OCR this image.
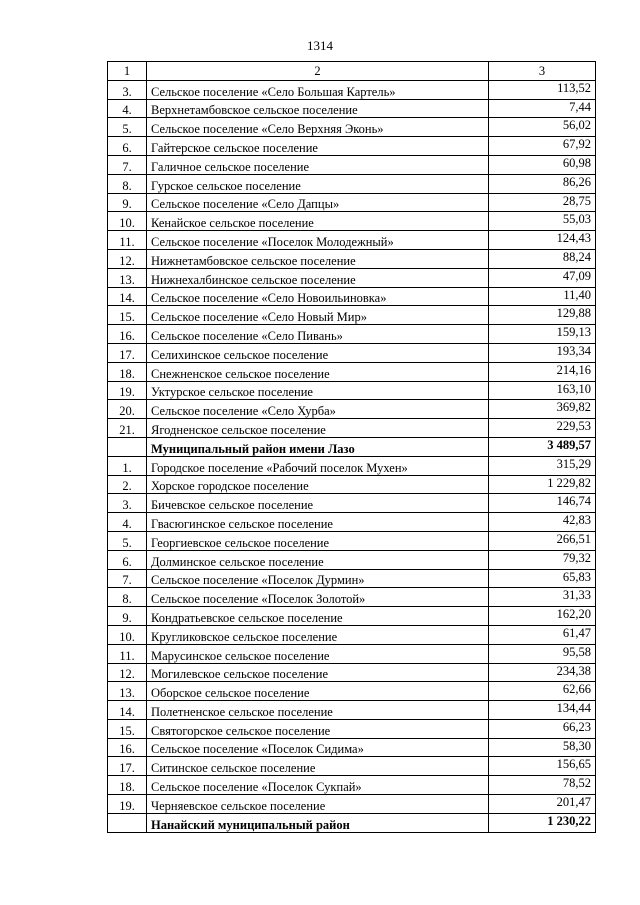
1314
1	2	3
3.	Сельское поселение «Село Большая Картель»	113,52
4.	Верхнетамбовское сельское поселение	7,44
5.	Сельское поселение «Село Верхняя Эконь»	56,02
6.	Гайтерское сельское поселение	67,92
7.	Галичное сельское поселение	60,98
8.	Гурское сельское поселение	86,26
9.	Сельское поселение «Село Дапцы»	28,75
10.	Кенайское сельское поселение	55,03
11.	Сельское поселение «Поселок Молодежный»	124,43
12.	Нижнетамбовское сельское поселение	88,24
13.	Нижнехалбинское сельское поселение	47,09
14.	Сельское поселение «Село Новоильиновка»	11,40
15.	Сельское поселение «Село Новый Мир»	129,88
16.	Сельское поселение «Село Пивань»	159,13
17.	Селихинское сельское поселение	193,34
18.	Снежненское сельское поселение	214,16
19.	Уктурское сельское поселение	163,10
20.	Сельское поселение «Село Хурба»	369,82
21.	Ягодненское сельское поселение	229,53
	Муниципальный район имени Лазо	3 489,57
1.	Городское поселение «Рабочий поселок Мухен»	315,29
2.	Хорское городское поселение	1 229,82
3.	Бичевское сельское поселение	146,74
4.	Гвасюгинское сельское поселение	42,83
5.	Георгиевское сельское поселение	266,51
6.	Долминское сельское поселение	79,32
7.	Сельское поселение «Поселок Дурмин»	65,83
8.	Сельское поселение «Поселок Золотой»	31,33
9.	Кондратьевское сельское поселение	162,20
10.	Кругликовское сельское поселение	61,47
11.	Марусинское сельское поселение	95,58
12.	Могилевское сельское поселение	234,38
13.	Оборское сельское поселение	62,66
14.	Полетненское сельское поселение	134,44
15.	Святогорское сельское поселение	66,23
16.	Сельское поселение «Поселок Сидима»	58,30
17.	Ситинское сельское поселение	156,65
18.	Сельское поселение «Поселок Сукпай»	78,52
19.	Черняевское сельское поселение	201,47
	Нанайский муниципальный район	1 230,22
